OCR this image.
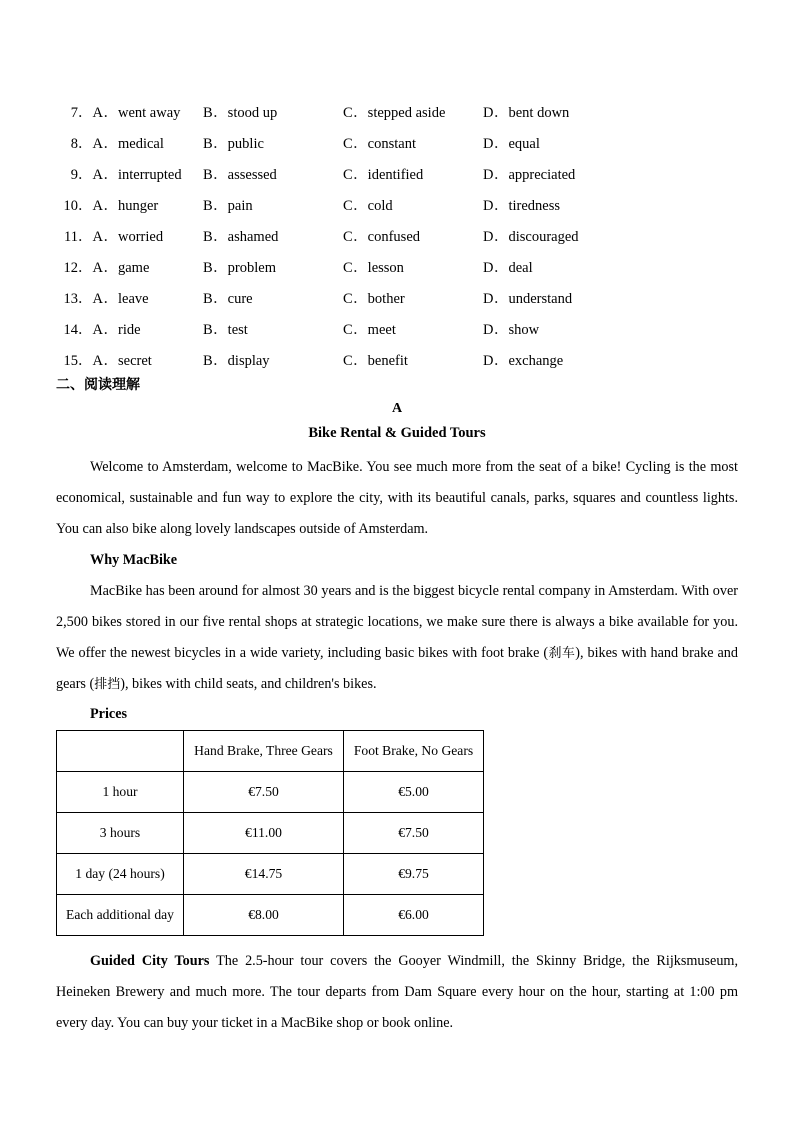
7．A．went away B．stood up	C．stepped aside	D．bent down
8．A．medical	B．public	C．constant	D．equal
9．A．interrupted B．assessed	C．identified	D．appreciated
10．A．hunger	B．pain	C．cold	D．tiredness
11．A．worried	B．ashamed	C．confused	D．discouraged
12．A．game	B．problem	C．lesson	D．deal
13．A．leave	B．cure	C．bother	D．understand
14．A．ride	B．test	C．meet	D．show
15．A．secret	B．display	C．benefit	D．exchange
二、阅读理解
A
Bike Rental & Guided Tours

Welcome to Amsterdam, welcome to MacBike. You see much more from the seat of a bike! Cycling is the most economical, sustainable and fun way to explore the city, with its beautiful canals, parks, squares and countless lights. You can also bike along lovely landscapes outside of Amsterdam.

Why MacBike

MacBike has been around for almost 30 years and is the biggest bicycle rental company in Amsterdam. With over 2,500 bikes stored in our five rental shops at strategic locations, we make sure there is always a bike available for you. We offer the newest bicycles in a wide variety, including basic bikes with foot brake (刹车), bikes with hand brake and gears (排挡), bikes with child seats, and children's bikes.

Prices
	Hand Brake, Three Gears	Foot Brake, No Gears
1 hour	€7.50	€5.00
3 hours	€11.00	€7.50
1 day (24 hours)	€14.75	€9.75
Each additional day	€8.00	€6.00

Guided City Tours The 2.5-hour tour covers the Gooyer Windmill, the Skinny Bridge, the Rijksmuseum, Heineken Brewery and much more. The tour departs from Dam Square every hour on the hour, starting at 1:00 pm every day. You can buy your ticket in a MacBike shop or book online.
